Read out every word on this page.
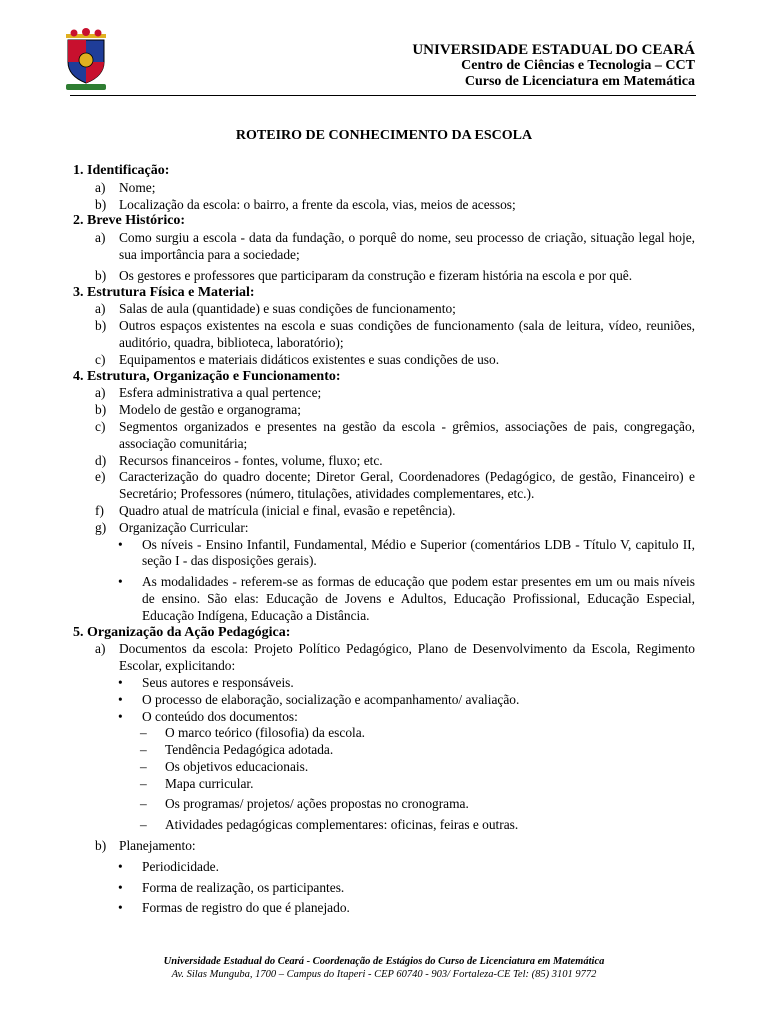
UNIVERSIDADE ESTADUAL DO CEARÁ
Centro de Ciências e Tecnologia – CCT
Curso de Licenciatura em Matemática
ROTEIRO DE CONHECIMENTO DA ESCOLA

1. Identificação:

a) Nome;
b) Localização da escola: o bairro, a frente da escola, vias, meios de acessos;

2. Breve Histórico:

a) Como surgiu a escola - data da fundação, o porquê do nome, seu processo de criação, situação legal hoje, sua importância para a sociedade;
b) Os gestores e professores que participaram da construção e fizeram história na escola e por quê.

3. Estrutura Física e Material:

a) Salas de aula (quantidade) e suas condições de funcionamento;
b) Outros espaços existentes na escola e suas condições de funcionamento (sala de leitura, vídeo, reuniões, auditório, quadra, biblioteca, laboratório);
c) Equipamentos e materiais didáticos existentes e suas condições de uso.

4. Estrutura, Organização e Funcionamento:

a) Esfera administrativa a qual pertence;
b) Modelo de gestão e organograma;
c) Segmentos organizados e presentes na gestão da escola - grêmios, associações de pais, congregação, associação comunitária;
d) Recursos financeiros - fontes, volume, fluxo; etc.
e) Caracterização do quadro docente; Diretor Geral, Coordenadores (Pedagógico, de gestão, Financeiro) e Secretário; Professores (número, titulações, atividades complementares, etc.).
f) Quadro atual de matrícula (inicial e final, evasão e repetência).
g) Organização Curricular:
• Os níveis - Ensino Infantil, Fundamental, Médio e Superior (comentários LDB - Título V, capitulo II, seção I - das disposições gerais).
• As modalidades - referem-se as formas de educação que podem estar presentes em um ou mais níveis de ensino. São elas: Educação de Jovens e Adultos, Educação Profissional, Educação Especial, Educação Indígena, Educação a Distância.

5. Organização da Ação Pedagógica:

a) Documentos da escola: Projeto Político Pedagógico, Plano de Desenvolvimento da Escola, Regimento Escolar, explicitando:
• Seus autores e responsáveis.
• O processo de elaboração, socialização e acompanhamento/ avaliação.
• O conteúdo dos documentos:
– O marco teórico (filosofia) da escola.
– Tendência Pedagógica adotada.
– Os objetivos educacionais.
– Mapa curricular.
– Os programas/ projetos/ ações propostas no cronograma.
– Atividades pedagógicas complementares: oficinas, feiras e outras.
b) Planejamento:
• Periodicidade.
• Forma de realização, os participantes.
• Formas de registro do que é planejado.
Universidade Estadual do Ceará - Coordenação de Estágios do Curso de Licenciatura em Matemática
Av. Silas Munguba, 1700 – Campus do Itaperi - CEP 60740 - 903/ Fortaleza-CE Tel: (85) 3101 9772
